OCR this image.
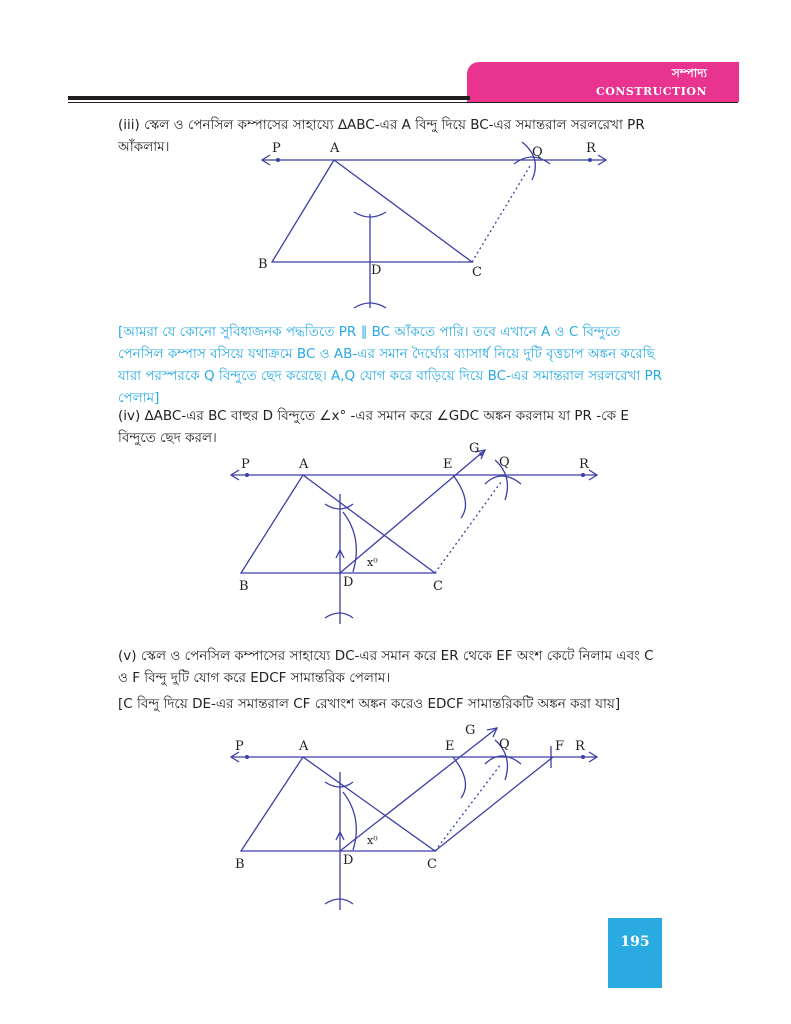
সম্পাদ্য
CONSTRUCTION
(iii) স্কেল ও পেনসিল কম্পাসের সাহায্যে ∆ABC-এর A বিন্দু দিয়ে BC-এর সমান্তরাল সরলরেখা PR আঁকলাম।	P	A	Q	R
B	D	C
[আমরা যে কোনো সুবিধাজনক পদ্ধতিতে PR ∥ BC আঁকতে পারি। তবে এখানে A ও C বিন্দুতে পেনসিল কম্পাস বসিয়ে যথাক্রমে BC ও AB-এর সমান দৈর্ঘ্যের ব্যাসার্ধ নিয়ে দুটি বৃত্তচাপ অঙ্কন করেছি যারা পরস্পরকে Q বিন্দুতে ছেদ করেছে। A,Q যোগ করে বাড়িয়ে দিয়ে BC-এর সমান্তরাল সরলরেখা PR পেলাম]
(iv) ∆ABC-এর BC বাহুর D বিন্দুতে ∠x° -এর সমান করে ∠GDC অঙ্কন করলাম যা PR -কে E বিন্দুতে ছেদ করল।
P	A	E
G
Q	R
B	D	C
x⁰
(v) স্কেল ও পেনসিল কম্পাসের সাহায্যে DC-এর সমান করে ER থেকে EF অংশ কেটে নিলাম এবং C ও F বিন্দু দুটি যোগ করে EDCF সামান্তরিক পেলাম।
[C বিন্দু দিয়ে DE-এর সমান্তরাল CF রেখাংশ অঙ্কন করেও EDCF সামান্তরিকটি অঙ্কন করা যায়]
P	A	E
G
Q	F R
B	D	C
x⁰
195
